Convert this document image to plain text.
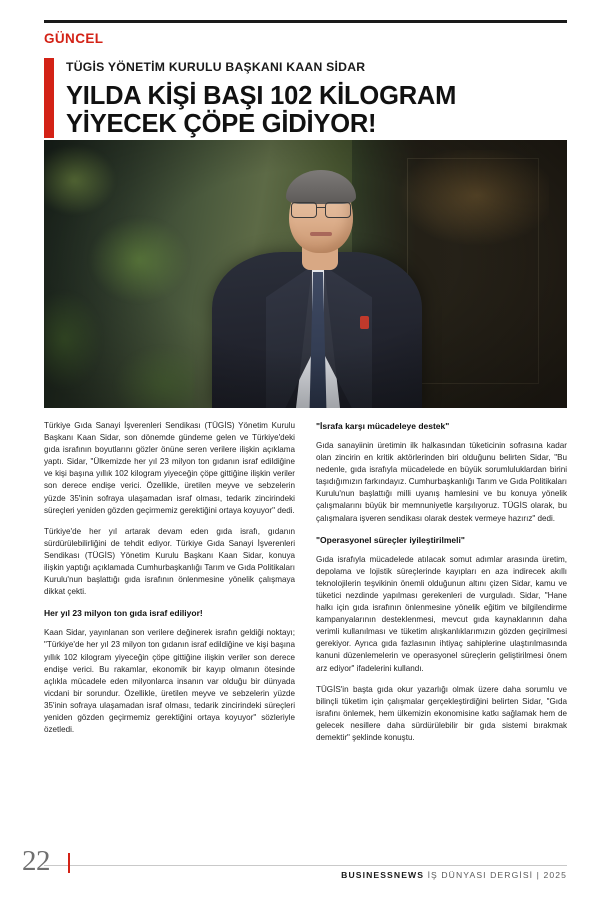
GÜNCEL
TÜGİS YÖNETİM KURULU BAŞKANI KAAN SİDAR
YILDA KİŞİ BAŞI 102 KİLOGRAM
YİYECEK ÇÖPE GİDİYOR!

Türkiye Gıda Sanayi İşverenleri Sendikası (TÜGİS) Yönetim Kurulu Başkanı Kaan Sidar, son dönemde gündeme gelen ve Türkiye'deki gıda israfının boyutlarını gözler önüne seren verilere ilişkin açıklama yaptı. Sidar, "Ülkemizde her yıl 23 milyon ton gıdanın israf edildiğine ve kişi başına yıllık 102 kilogram yiyeceğin çöpe gittiğine ilişkin veriler son derece endişe verici. Özellikle, üretilen meyve ve sebzelerin yüzde 35'inin sofraya ulaşamadan israf olması, tedarik zincirindeki süreçleri yeniden gözden geçirmemiz gerektiğini ortaya koyuyor" dedi.

Türkiye'de her yıl artarak devam eden gıda israfı, gıdanın sürdürülebilirliğini de tehdit ediyor. Türkiye Gıda Sanayi İşverenleri Sendikası (TÜGİS) Yönetim Kurulu Başkanı Kaan Sidar, konuya ilişkin yaptığı açıklamada Cumhurbaşkanlığı Tarım ve Gıda Politikaları Kurulu'nun başlattığı gıda israfının önlenmesine yönelik çalışmaya dikkat çekti.

Her yıl 23 milyon ton gıda israf ediliyor!

Kaan Sidar, yayınlanan son verilere değinerek israfın geldiği noktayı; "Türkiye'de her yıl 23 milyon ton gıdanın israf edildiğine ve kişi başına yıllık 102 kilogram yiyeceğin çöpe gittiğine ilişkin veriler son derece endişe verici. Bu rakamlar, ekonomik bir kayıp olmanın ötesinde açlıkla mücadele eden milyonlarca insanın var olduğu bir dünyada vicdani bir sorundur. Özellikle, üretilen meyve ve sebzelerin yüzde 35'inin sofraya ulaşamadan israf olması, tedarik zincirindeki süreçleri yeniden gözden geçirmemiz gerektiğini ortaya koyuyor" sözleriyle özetledi.

"İsrafa karşı mücadeleye destek"

Gıda sanayiinin üretimin ilk halkasından tüketicinin sofrasına kadar olan zincirin en kritik aktörlerinden biri olduğunu belirten Sidar, "Bu nedenle, gıda israfıyla mücadelede en büyük sorumluluklardan birini taşıdığımızın farkındayız. Cumhurbaşkanlığı Tarım ve Gıda Politikaları Kurulu'nun başlattığı milli uyanış hamlesini ve bu konuya yönelik çalışmalarını büyük bir memnuniyetle karşılıyoruz. TÜGİS olarak, bu çalışmalara işveren sendikası olarak destek vermeye hazırız" dedi.

"Operasyonel süreçler iyileştirilmeli"

Gıda israfıyla mücadelede atılacak somut adımlar arasında üretim, depolama ve lojistik süreçlerinde kayıpları en aza indirecek akıllı teknolojilerin teşvikinin önemli olduğunun altını çizen Sidar, kamu ve tüketici nezdinde yapılması gerekenleri de vurguladı. Sidar, "Hane halkı için gıda israfının önlenmesine yönelik eğitim ve bilgilendirme kampanyalarının desteklenmesi, mevcut gıda kaynaklarının daha verimli kullanılması ve tüketim alışkanlıklarımızın gözden geçirilmesi gerekiyor. Ayrıca gıda fazlasının ihtiyaç sahiplerine ulaştırılmasında kanuni düzenlemelerin ve operasyonel süreçlerin geliştirilmesi önem arz ediyor" ifadelerini kullandı.

TÜGİS'in başta gıda okur yazarlığı olmak üzere daha sorumlu ve bilinçli tüketim için çalışmalar gerçekleştirdiğini belirten Sidar, "Gıda israfını önlemek, hem ülkemizin ekonomisine katkı sağlamak hem de gelecek nesillere daha sürdürülebilir bir gıda sistemi bırakmak demektir" şeklinde konuştu.

22	BUSINESSNEWS İŞ DÜNYASI DERGİSİ | 2025
